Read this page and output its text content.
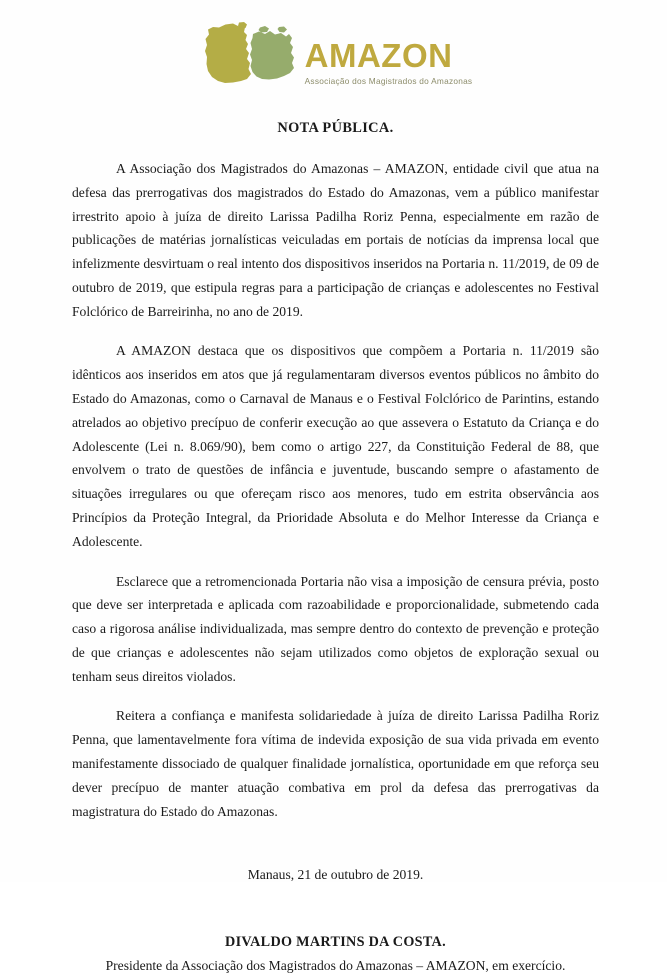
AMAZON
Associação dos Magistrados do Amazonas
NOTA PÚBLICA.

A Associação dos Magistrados do Amazonas – AMAZON, entidade civil que atua na defesa das prerrogativas dos magistrados do Estado do Amazonas, vem a público manifestar irrestrito apoio à juíza de direito Larissa Padilha Roriz Penna, especialmente em razão de publicações de matérias jornalísticas veiculadas em portais de notícias da imprensa local que infelizmente desvirtuam o real intento dos dispositivos inseridos na Portaria n. 11/2019, de 09 de outubro de 2019, que estipula regras para a participação de crianças e adolescentes no Festival Folclórico de Barreirinha, no ano de 2019.

A AMAZON destaca que os dispositivos que compõem a Portaria n. 11/2019 são idênticos aos inseridos em atos que já regulamentaram diversos eventos públicos no âmbito do Estado do Amazonas, como o Carnaval de Manaus e o Festival Folclórico de Parintins, estando atrelados ao objetivo precípuo de conferir execução ao que assevera o Estatuto da Criança e do Adolescente (Lei n. 8.069/90), bem como o artigo 227, da Constituição Federal de 88, que envolvem o trato de questões de infância e juventude, buscando sempre o afastamento de situações irregulares ou que ofereçam risco aos menores, tudo em estrita observância aos Princípios da Proteção Integral, da Prioridade Absoluta e do Melhor Interesse da Criança e Adolescente.

Esclarece que a retromencionada Portaria não visa a imposição de censura prévia, posto que deve ser interpretada e aplicada com razoabilidade e proporcionalidade, submetendo cada caso a rigorosa análise individualizada, mas sempre dentro do contexto de prevenção e proteção de que crianças e adolescentes não sejam utilizados como objetos de exploração sexual ou tenham seus direitos violados.

Reitera a confiança e manifesta solidariedade à juíza de direito Larissa Padilha Roriz Penna, que lamentavelmente fora vítima de indevida exposição de sua vida privada em evento manifestamente dissociado de qualquer finalidade jornalística, oportunidade em que reforça seu dever precípuo de manter atuação combativa em prol da defesa das prerrogativas da magistratura do Estado do Amazonas.

Manaus, 21 de outubro de 2019.
DIVALDO MARTINS DA COSTA.
Presidente da Associação dos Magistrados do Amazonas – AMAZON, em exercício.
